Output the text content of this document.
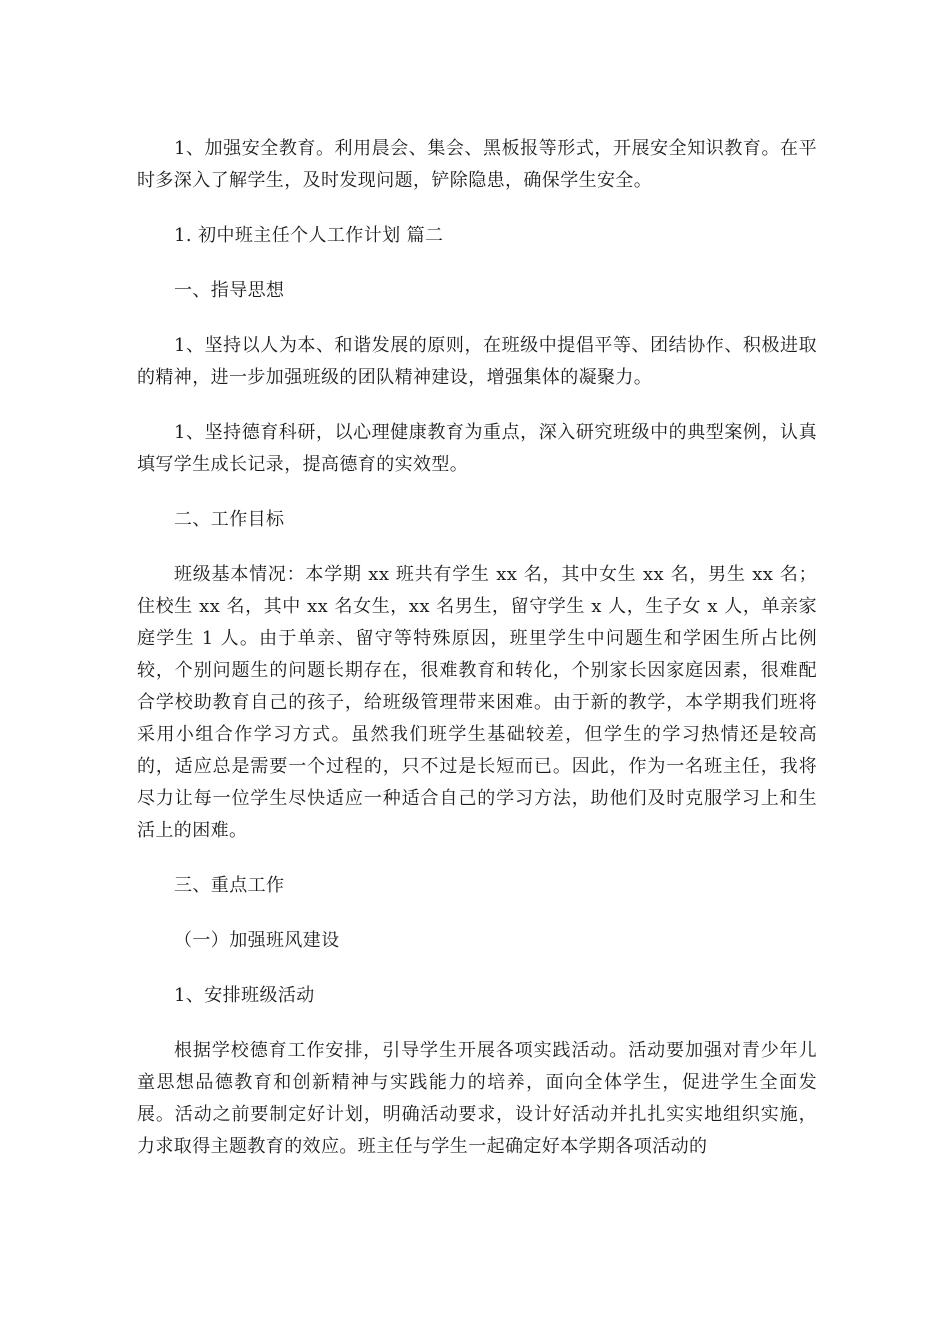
1、加强安全教育。利用晨会、集会、黑板报等形式，开展安全知识教育。在平时多深入了解学生，及时发现问题，铲除隐患，确保学生安全。

1. 初中班主任个人工作计划 篇二

一、指导思想

1、坚持以人为本、和谐发展的原则，在班级中提倡平等、团结协作、积极进取的精神，进一步加强班级的团队精神建设，增强集体的凝聚力。

1、坚持德育科研，以心理健康教育为重点，深入研究班级中的典型案例，认真填写学生成长记录，提高德育的实效型。

二、工作目标

班级基本情况：本学期 xx 班共有学生 xx 名，其中女生 xx 名，男生 xx 名；住校生 xx 名，其中 xx 名女生，xx 名男生，留守学生 x 人，生子女 x 人，单亲家庭学生 1 人。由于单亲、留守等特殊原因，班里学生中问题生和学困生所占比例较，个别问题生的问题长期存在，很难教育和转化，个别家长因家庭因素，很难配合学校助教育自己的孩子，给班级管理带来困难。由于新的教学，本学期我们班将采用小组合作学习方式。虽然我们班学生基础较差，但学生的学习热情还是较高的，适应总是需要一个过程的，只不过是长短而已。因此，作为一名班主任，我将尽力让每一位学生尽快适应一种适合自己的学习方法，助他们及时克服学习上和生活上的困难。

三、重点工作

（一）加强班风建设

1、安排班级活动

根据学校德育工作安排，引导学生开展各项实践活动。活动要加强对青少年儿童思想品德教育和创新精神与实践能力的培养，面向全体学生，促进学生全面发展。活动之前要制定好计划，明确活动要求，设计好活动并扎扎实实地组织实施，力求取得主题教育的效应。班主任与学生一起确定好本学期各项活动的
